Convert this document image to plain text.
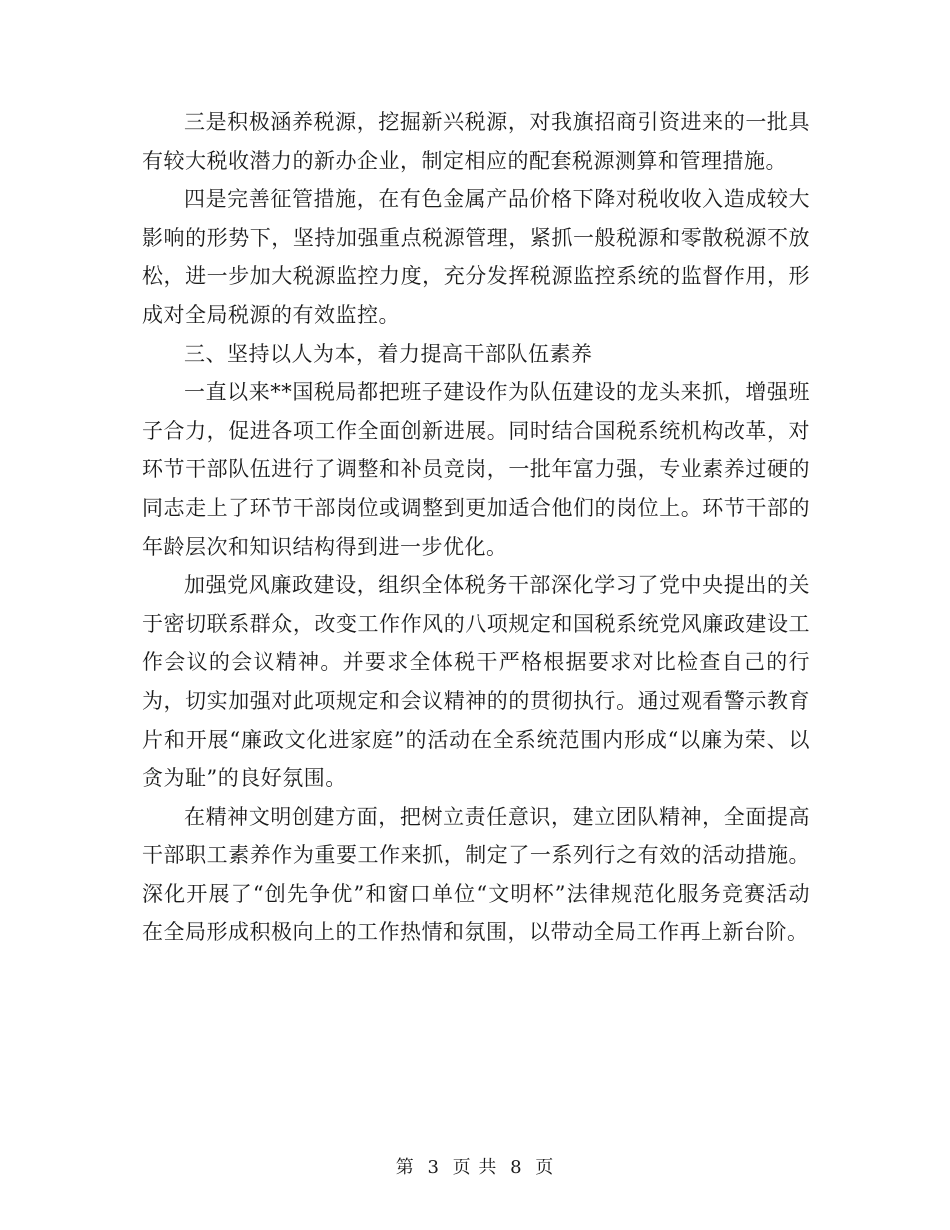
三是积极涵养税源，挖掘新兴税源，对我旗招商引资进来的一批具有较大税收潜力的新办企业，制定相应的配套税源测算和管理措施。

四是完善征管措施，在有色金属产品价格下降对税收收入造成较大影响的形势下，坚持加强重点税源管理，紧抓一般税源和零散税源不放松，进一步加大税源监控力度，充分发挥税源监控系统的监督作用，形成对全局税源的有效监控。

三、坚持以人为本，着力提高干部队伍素养

一直以来**国税局都把班子建设作为队伍建设的龙头来抓，增强班子合力，促进各项工作全面创新进展。同时结合国税系统机构改革，对环节干部队伍进行了调整和补员竞岗，一批年富力强，专业素养过硬的同志走上了环节干部岗位或调整到更加适合他们的岗位上。环节干部的年龄层次和知识结构得到进一步优化。

加强党风廉政建设，组织全体税务干部深化学习了党中央提出的关于密切联系群众，改变工作作风的八项规定和国税系统党风廉政建设工作会议的会议精神。并要求全体税干严格根据要求对比检查自己的行为，切实加强对此项规定和会议精神的的贯彻执行。通过观看警示教育片和开展“廉政文化进家庭”的活动在全系统范围内形成“以廉为荣、以贪为耻”的良好氛围。

在精神文明创建方面，把树立责任意识，建立团队精神，全面提高干部职工素养作为重要工作来抓，制定了一系列行之有效的活动措施。深化开展了“创先争优”和窗口单位“文明杯”法律规范化服务竞赛活动在全局形成积极向上的工作热情和氛围，以带动全局工作再上新台阶。

第 3 页 共 8 页
